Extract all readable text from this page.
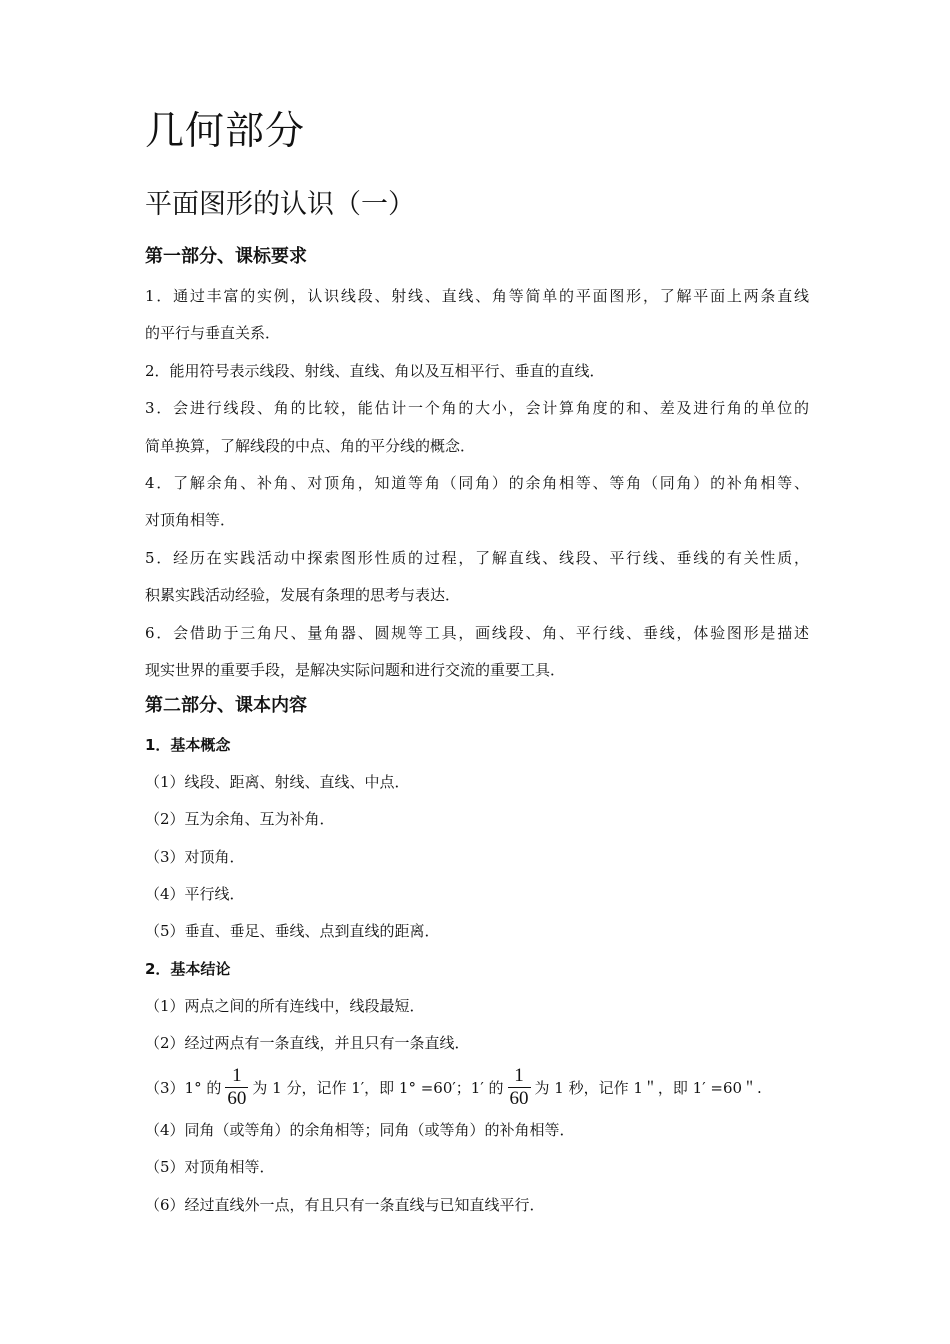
几何部分
平面图形的认识（一）
第一部分、课标要求
1．通过丰富的实例，认识线段、射线、直线、角等简单的平面图形，了解平面上两条直线
的平行与垂直关系．
2．能用符号表示线段、射线、直线、角以及互相平行、垂直的直线．
3．会进行线段、角的比较，能估计一个角的大小，会计算角度的和、差及进行角的单位的
简单换算，了解线段的中点、角的平分线的概念．
4．了解余角、补角、对顶角，知道等角（同角）的余角相等、等角（同角）的补角相等、
对顶角相等．
5．经历在实践活动中探索图形性质的过程，了解直线、线段、平行线、垂线的有关性质，
积累实践活动经验，发展有条理的思考与表达．
6．会借助于三角尺、量角器、圆规等工具，画线段、角、平行线、垂线，体验图形是描述
现实世界的重要手段，是解决实际问题和进行交流的重要工具．
第二部分、课本内容
1．基本概念
（1）线段、距离、射线、直线、中点．
（2）互为余角、互为补角．
（3）对顶角．
（4）平行线．
（5）垂直、垂足、垂线、点到直线的距离．
2．基本结论
（1）两点之间的所有连线中，线段最短．
（2）经过两点有一条直线，并且只有一条直线．
（3）1° 的 $\frac{1}{60}$ 为 1 分，记作 1′，即 1° =60′；1′ 的 $\frac{1}{60}$ 为 1 秒，记作 1＂，即 1′ =60＂.
（4）同角（或等角）的余角相等；同角（或等角）的补角相等．
（5）对顶角相等．
（6）经过直线外一点，有且只有一条直线与已知直线平行．
